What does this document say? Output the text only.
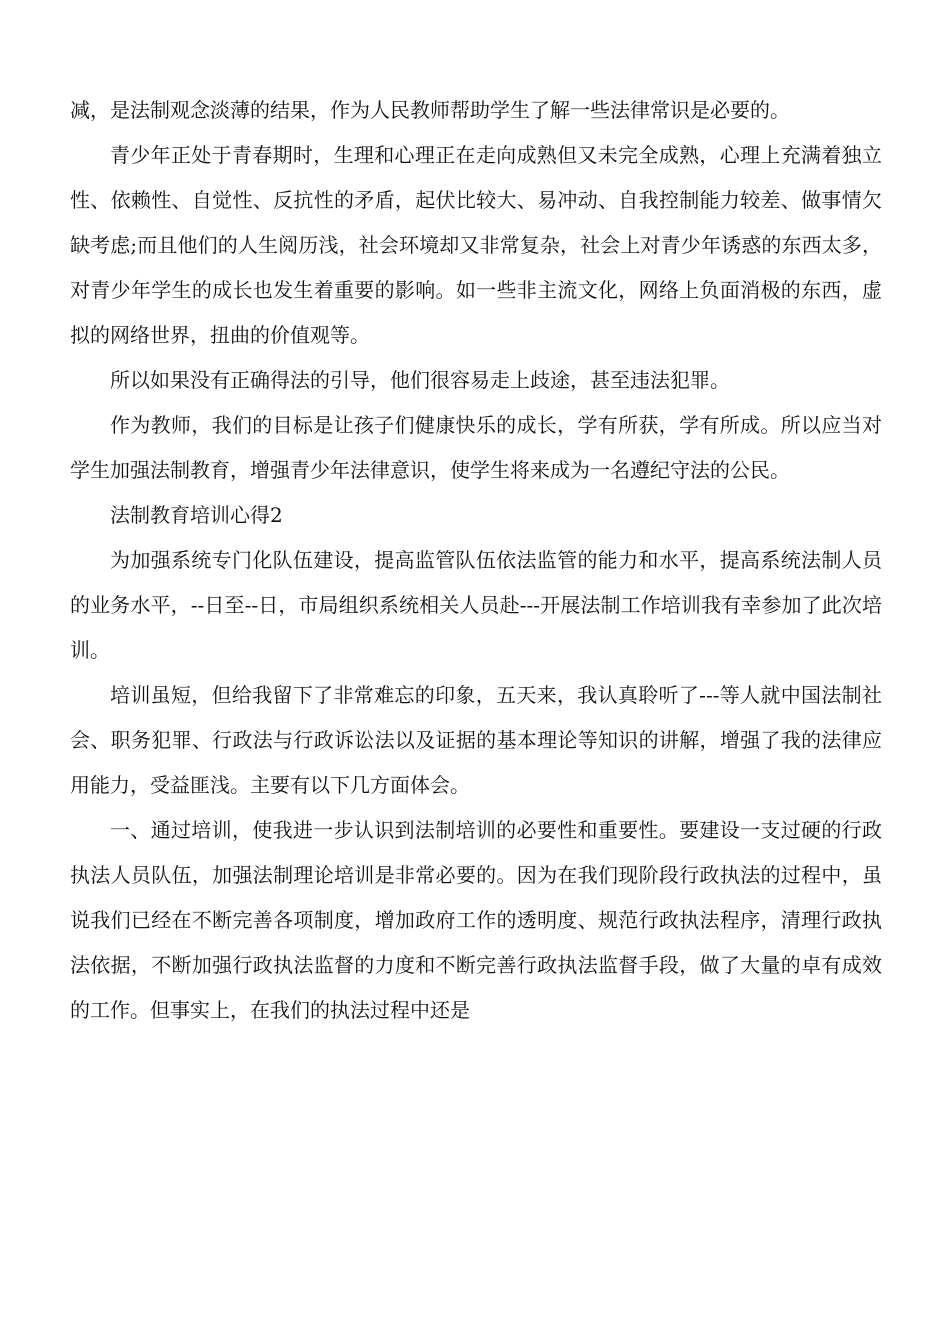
减，是法制观念淡薄的结果，作为人民教师帮助学生了解一些法律常识是必要的。

青少年正处于青春期时，生理和心理正在走向成熟但又未完全成熟，心理上充满着独立性、依赖性、自觉性、反抗性的矛盾，起伏比较大、易冲动、自我控制能力较差、做事情欠缺考虑;而且他们的人生阅历浅，社会环境却又非常复杂，社会上对青少年诱惑的东西太多，对青少年学生的成长也发生着重要的影响。如一些非主流文化，网络上负面消极的东西，虚拟的网络世界，扭曲的价值观等。

所以如果没有正确得法的引导，他们很容易走上歧途，甚至违法犯罪。

作为教师，我们的目标是让孩子们健康快乐的成长，学有所获，学有所成。所以应当对学生加强法制教育，增强青少年法律意识，使学生将来成为一名遵纪守法的公民。

法制教育培训心得2

为加强系统专门化队伍建设，提高监管队伍依法监管的能力和水平，提高系统法制人员的业务水平，--日至--日，市局组织系统相关人员赴---开展法制工作培训我有幸参加了此次培训。

培训虽短，但给我留下了非常难忘的印象，五天来，我认真聆听了---等人就中国法制社会、职务犯罪、行政法与行政诉讼法以及证据的基本理论等知识的讲解，增强了我的法律应用能力，受益匪浅。主要有以下几方面体会。

一、通过培训，使我进一步认识到法制培训的必要性和重要性。要建设一支过硬的行政执法人员队伍，加强法制理论培训是非常必要的。因为在我们现阶段行政执法的过程中，虽说我们已经在不断完善各项制度，增加政府工作的透明度、规范行政执法程序，清理行政执法依据，不断加强行政执法监督的力度和不断完善行政执法监督手段，做了大量的卓有成效的工作。但事实上，在我们的执法过程中还是
